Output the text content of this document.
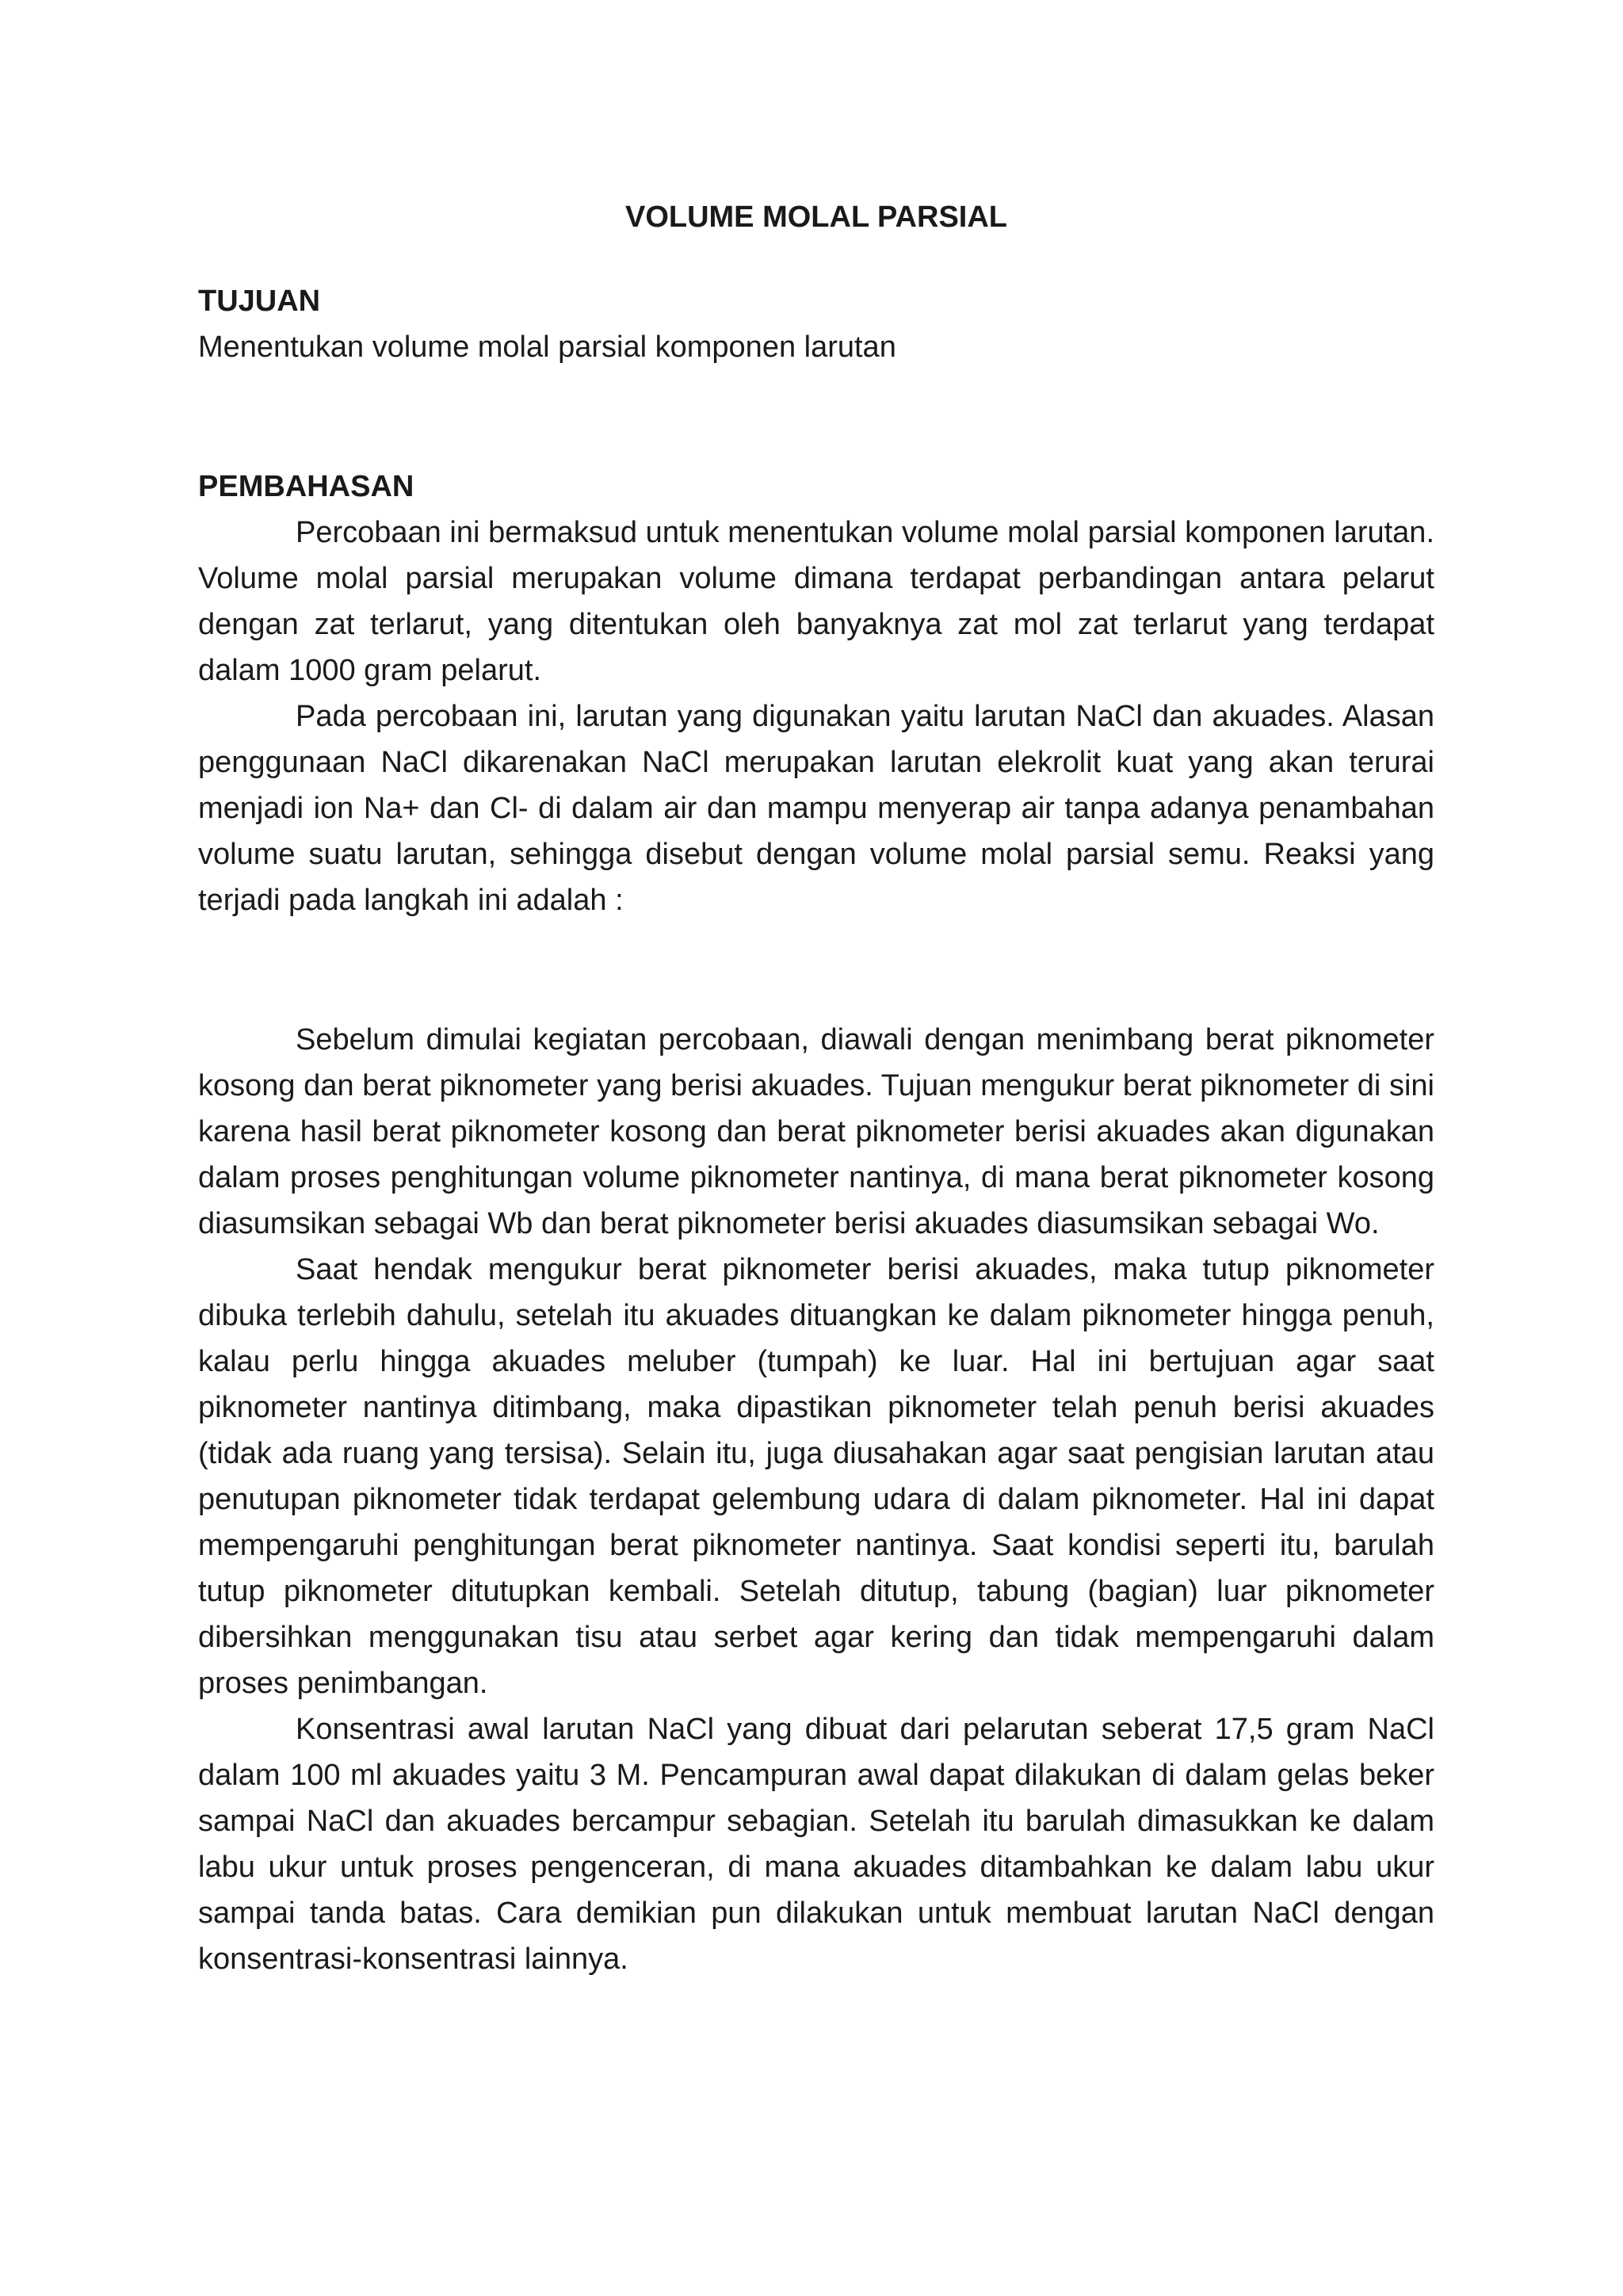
VOLUME MOLAL PARSIAL
TUJUAN

Menentukan volume molal parsial komponen larutan

PEMBAHASAN

Percobaan ini bermaksud untuk menentukan volume molal parsial komponen larutan. Volume molal parsial merupakan volume dimana terdapat perbandingan antara pelarut dengan zat terlarut, yang ditentukan oleh banyaknya zat mol zat terlarut yang terdapat dalam 1000 gram pelarut.

Pada percobaan ini, larutan yang digunakan yaitu larutan NaCl dan akuades. Alasan penggunaan NaCl dikarenakan NaCl merupakan larutan elekrolit kuat yang akan terurai menjadi ion Na+ dan Cl- di dalam air dan mampu menyerap air tanpa adanya penambahan volume suatu larutan, sehingga disebut dengan volume molal parsial semu. Reaksi yang terjadi pada langkah ini adalah :

Sebelum dimulai kegiatan percobaan, diawali dengan menimbang berat piknometer kosong dan berat piknometer yang berisi akuades. Tujuan mengukur berat piknometer di sini karena hasil berat piknometer kosong dan berat piknometer berisi akuades akan digunakan dalam proses penghitungan volume piknometer nantinya, di mana berat piknometer kosong diasumsikan sebagai Wb dan berat piknometer berisi akuades diasumsikan sebagai Wo.

Saat hendak mengukur berat piknometer berisi akuades, maka tutup piknometer dibuka terlebih dahulu, setelah itu akuades dituangkan ke dalam piknometer hingga penuh, kalau perlu hingga akuades meluber (tumpah) ke luar. Hal ini bertujuan agar saat piknometer nantinya ditimbang, maka dipastikan piknometer telah penuh berisi akuades (tidak ada ruang yang tersisa). Selain itu, juga diusahakan agar saat pengisian larutan atau penutupan piknometer tidak terdapat gelembung udara di dalam piknometer. Hal ini dapat mempengaruhi penghitungan berat piknometer nantinya. Saat kondisi seperti itu, barulah tutup piknometer ditutupkan kembali. Setelah ditutup, tabung (bagian) luar piknometer dibersihkan menggunakan tisu atau serbet agar kering dan tidak mempengaruhi dalam proses penimbangan.

Konsentrasi awal larutan NaCl yang dibuat dari pelarutan seberat 17,5 gram NaCl dalam 100 ml akuades yaitu 3 M. Pencampuran awal dapat dilakukan di dalam gelas beker sampai NaCl dan akuades bercampur sebagian. Setelah itu barulah dimasukkan ke dalam labu ukur untuk proses pengenceran, di mana akuades ditambahkan ke dalam labu ukur sampai tanda batas. Cara demikian pun dilakukan untuk membuat larutan NaCl dengan konsentrasi-konsentrasi lainnya.
